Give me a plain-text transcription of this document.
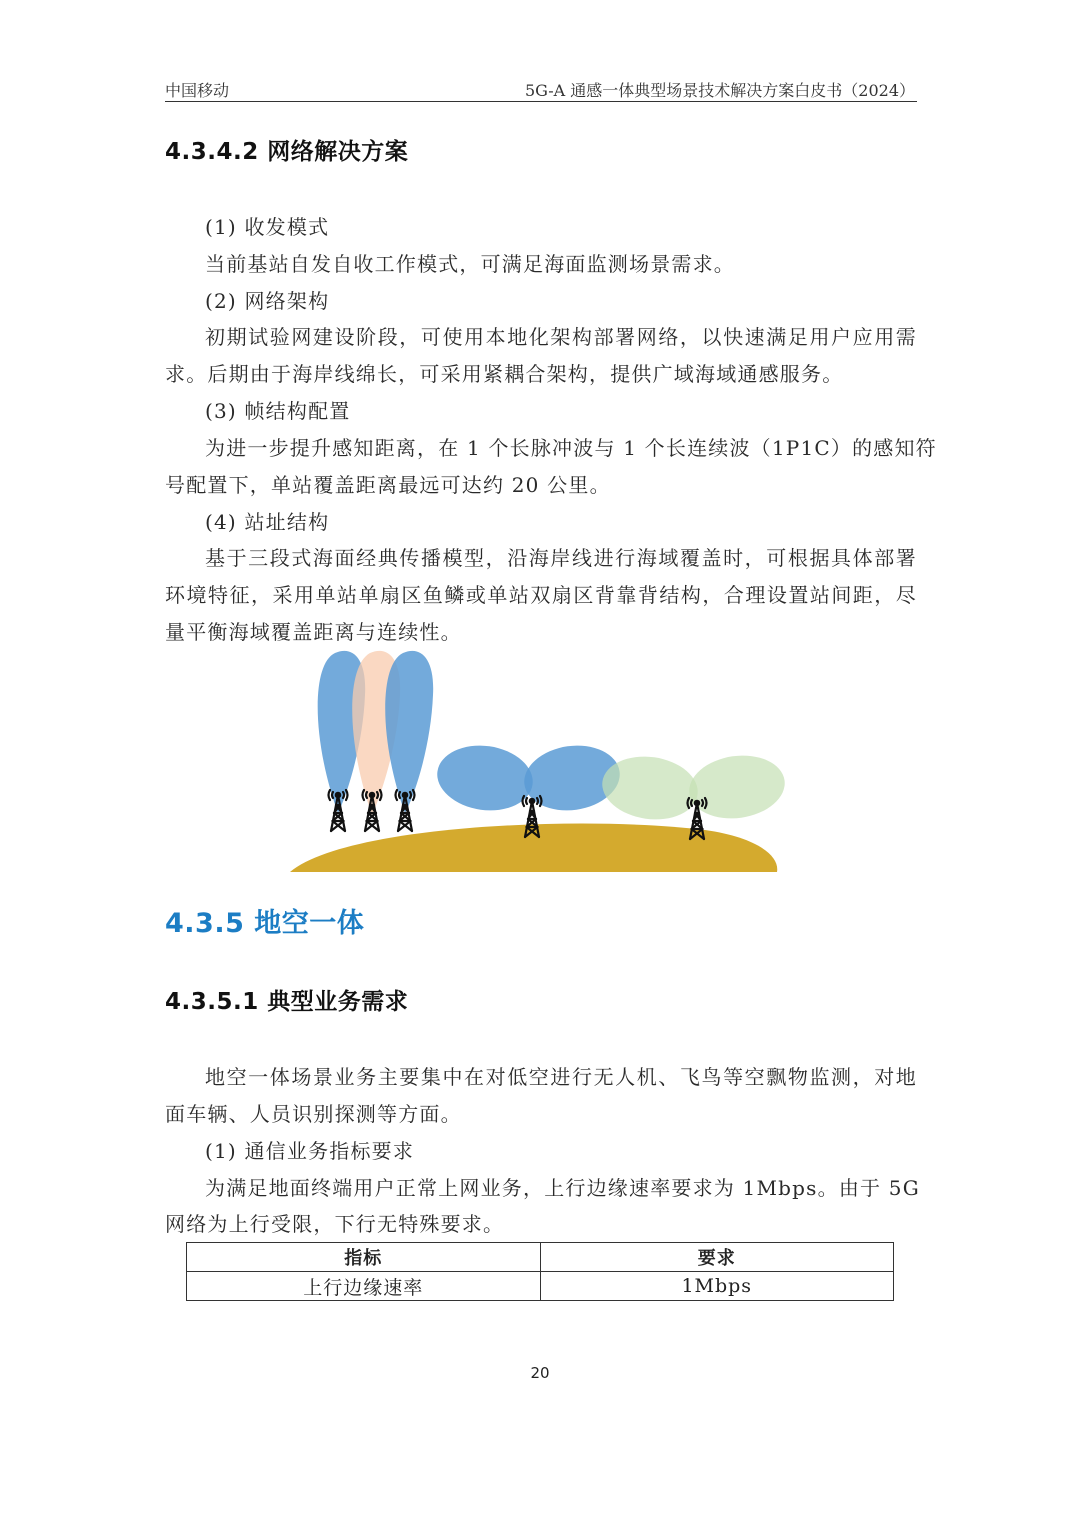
中国移动	5G-A 通感一体典型场景技术解决方案白皮书（2024）
4.3.4.2 网络解决方案
(1) 收发模式
当前基站自发自收工作模式，可满足海面监测场景需求。
(2) 网络架构
初期试验网建设阶段，可使用本地化架构部署网络，以快速满足用户应用需
求。后期由于海岸线绵长，可采用紧耦合架构，提供广域海域通感服务。
(3) 帧结构配置
为进一步提升感知距离，在 1 个长脉冲波与 1 个长连续波（1P1C）的感知符
号配置下，单站覆盖距离最远可达约 20 公里。
(4) 站址结构
基于三段式海面经典传播模型，沿海岸线进行海域覆盖时，可根据具体部署
环境特征，采用单站单扇区鱼鳞或单站双扇区背靠背结构，合理设置站间距，尽
量平衡海域覆盖距离与连续性。
4.3.5 地空一体
4.3.5.1 典型业务需求
地空一体场景业务主要集中在对低空进行无人机、飞鸟等空飘物监测，对地
面车辆、人员识别探测等方面。
(1) 通信业务指标要求
为满足地面终端用户正常上网业务，上行边缘速率要求为 1Mbps。由于 5G
网络为上行受限，下行无特殊要求。
指标	要求
上行边缘速率	1Mbps
20
